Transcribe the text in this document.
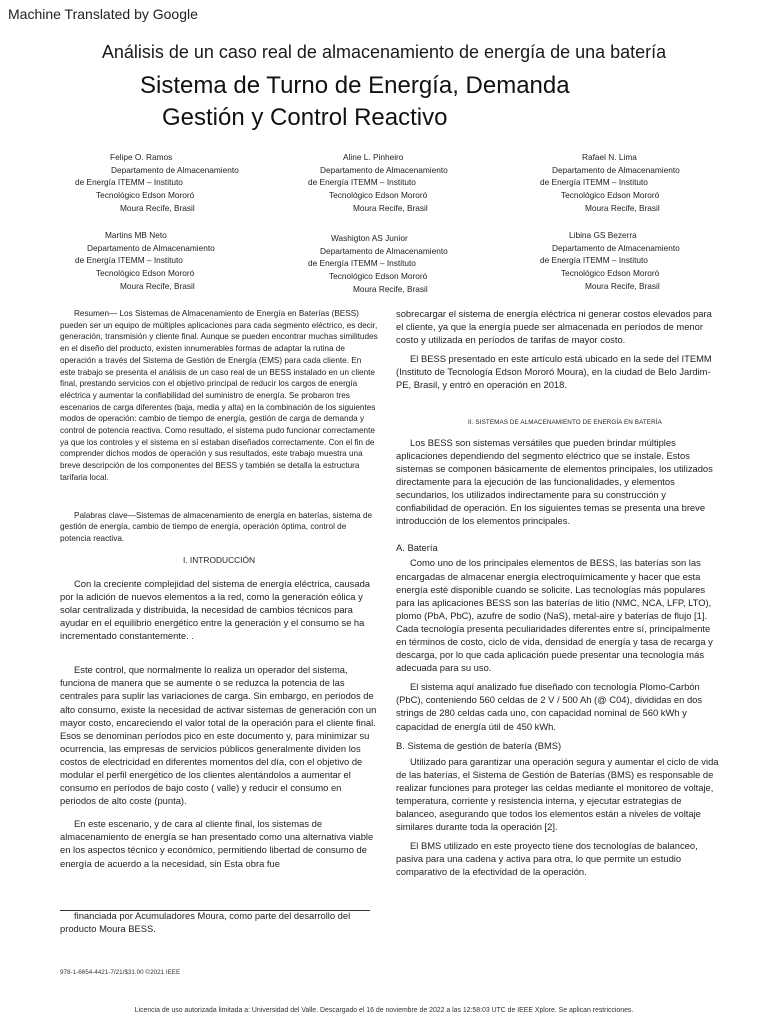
Machine Translated by Google
Análisis de un caso real de almacenamiento de energía de una batería
Sistema de Turno de Energía, Demanda
Gestión y Control Reactivo
Felipe O. Ramos
Departamento de Almacenamiento
de Energía ITEMM – Instituto
Tecnológico Edson Mororó
Moura Recife, Brasil
Aline L. Pinheiro
Departamento de Almacenamiento
de Energía ITEMM – Instituto
Tecnológico Edson Mororó
Moura Recife, Brasil
Rafael N. Lima
Departamento de Almacenamiento
de Energía ITEMM – Instituto
Tecnológico Edson Mororó
Moura Recife, Brasil
Martins MB Neto
Departamento de Almacenamiento
de Energía ITEMM – Instituto
Tecnológico Edson Mororó
Moura Recife, Brasil
Washigton AS Junior
Departamento de Almacenamiento
de Energía ITEMM – Instituto
Tecnológico Edson Mororó
Moura Recife, Brasil
Libina GS Bezerra
Departamento de Almacenamiento
de Energía ITEMM – Instituto
Tecnológico Edson Mororó
Moura Recife, Brasil

Resumen— Los Sistemas de Almacenamiento de Energía en Baterías (BESS) pueden ser un equipo de múltiples aplicaciones para cada segmento eléctrico, es decir, generación, transmisión y cliente final. Aunque se pueden encontrar muchas similitudes en el diseño del producto, existen innumerables formas de adaptar la rutina de operación a través del Sistema de Gestión de Energía (EMS) para cada cliente. En este trabajo se presenta el análisis de un caso real de un BESS instalado en un cliente final, prestando servicios con el objetivo principal de reducir los cargos de energía eléctrica y aumentar la confiabilidad del suministro de energía. Se probaron tres escenarios de carga diferentes (baja, media y alta) en la combinación de los siguientes modos de operación: cambio de tiempo de energía, gestión de carga de demanda y control de potencia reactiva. Como resultado, el sistema pudo funcionar correctamente ya que los controles y el sistema en sí estaban diseñados correctamente. Con el fin de comprender dichos modos de operación y sus resultados, este trabajo muestra una breve descripción de los componentes del BESS y también se detalla la estructura tarifaria local.

Palabras clave—Sistemas de almacenamiento de energía en baterías, sistema de gestión de energía, cambio de tiempo de energía, operación óptima, control de potencia reactiva.

I. INTRODUCCIÓN

Con la creciente complejidad del sistema de energía eléctrica, causada por la adición de nuevos elementos a la red, como la generación eólica y solar centralizada y distribuida, la necesidad de cambios técnicos para ayudar en el equilibrio energético entre la generación y el consumo se ha incrementado constantemente. .

Este control, que normalmente lo realiza un operador del sistema, funciona de manera que se aumente o se reduzca la potencia de las centrales para suplir las variaciones de carga. Sin embargo, en periodos de alto consumo, existe la necesidad de activar sistemas de generación con un mayor costo, encareciendo el valor total de la operación para el cliente final. Esos se denominan períodos pico en este documento y, para minimizar su ocurrencia, las empresas de servicios públicos generalmente dividen los costos de electricidad en diferentes momentos del día, con el objetivo de modular el perfil energético de los clientes alentándolos a aumentar el consumo en períodos de bajo costo ( valle) y reducir el consumo en periodos de alto coste (punta).

En este escenario, y de cara al cliente final, los sistemas de almacenamiento de energía se han presentado como una alternativa viable en los aspectos técnico y económico, permitiendo libertad de consumo de energía de acuerdo a la necesidad, sin Esta obra fue

financiada por Acumuladores Moura, como parte del desarrollo del producto Moura BESS.
978-1-6654-4421-7/21/$31.00 ©2021 IEEE

sobrecargar el sistema de energía eléctrica ni generar costos elevados para el cliente, ya que la energía puede ser almacenada en períodos de menor costo y utilizada en períodos de tarifas de mayor costo.

El BESS presentado en este artículo está ubicado en la sede del ITEMM (Instituto de Tecnología Edson Mororó Moura), en la ciudad de Belo Jardim-PE, Brasil, y entró en operación en 2018.

II. SISTEMAS DE ALMACENAMIENTO DE ENERGÍA EN BATERÍA

Los BESS son sistemas versátiles que pueden brindar múltiples aplicaciones dependiendo del segmento eléctrico que se instale. Estos sistemas se componen básicamente de elementos principales, los utilizados directamente para la ejecución de las funcionalidades, y elementos secundarios, los utilizados indirectamente para su construcción y confiabilidad de operación. En los siguientes temas se presenta una breve introducción de los elementos principales.

A. Batería

Como uno de los principales elementos de BESS, las baterías son las encargadas de almacenar energía electroquímicamente y hacer que esta energía esté disponible cuando se solicite. Las tecnologías más populares para las aplicaciones BESS son las baterías de litio (NMC, NCA, LFP, LTO), plomo (PbA, PbC), azufre de sodio (NaS), metal-aire y baterías de flujo [1]. Cada tecnología presenta peculiaridades diferentes entre sí, principalmente en términos de costo, ciclo de vida, densidad de energía y tasa de recarga y descarga, por lo que cada aplicación puede presentar una tecnología más adecuada para su uso.

El sistema aquí analizado fue diseñado con tecnología Plomo-Carbón (PbC), conteniendo 560 celdas de 2 V / 500 Ah (@ C04), divididas en dos strings de 280 celdas cada uno, con capacidad nominal de 560 kWh y capacidad de energía útil de 450 kWh.

B. Sistema de gestión de batería (BMS)

Utilizado para garantizar una operación segura y aumentar el ciclo de vida de las baterías, el Sistema de Gestión de Baterías (BMS) es responsable de realizar funciones para proteger las celdas mediante el monitoreo de voltaje, temperatura, corriente y resistencia interna, y ejecutar estrategias de balanceo, asegurando que todos los elementos están a niveles de voltaje similares durante toda la operación [2].

El BMS utilizado en este proyecto tiene dos tecnologías de balanceo, pasiva para una cadena y activa para otra, lo que permite un estudio comparativo de la efectividad de la operación.

Licencia de uso autorizada limitada a: Universidad del Valle. Descargado el 16 de noviembre de 2022 a las 12:58:03 UTC de IEEE Xplore. Se aplican restricciones.
